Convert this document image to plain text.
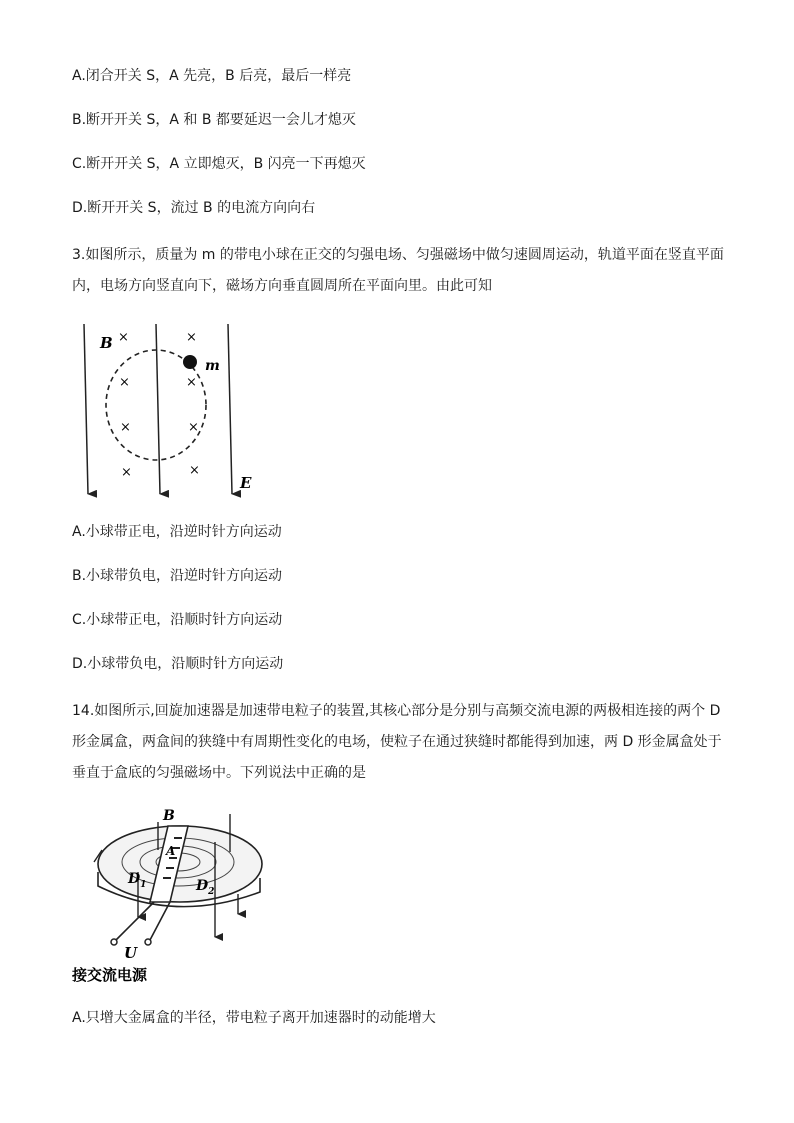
A.闭合开关 S，A 先亮，B 后亮，最后一样亮
B.断开开关 S，A 和 B 都要延迟一会儿才熄灭
C.断开开关 S，A 立即熄灭，B 闪亮一下再熄灭
D.断开开关 S，流过 B 的电流方向向右
3.如图所示，质量为 m 的带电小球在正交的匀强电场、匀强磁场中做匀速圆周运动，轨道平面在竖直平面内，电场方向竖直向下，磁场方向垂直圆周所在平面向里。由此可知
B
m
E
×	×
×	×
×	×
×	×
A.小球带正电，沿逆时针方向运动
B.小球带负电，沿逆时针方向运动
C.小球带正电，沿顺时针方向运动
D.小球带负电，沿顺时针方向运动
14.如图所示,回旋加速器是加速带电粒子的装置,其核心部分是分别与高频交流电源的两极相连接的两个 D 形金属盒，两盒间的狭缝中有周期性变化的电场，使粒子在通过狭缝时都能得到加速，两 D 形金属盒处于垂直于盒底的匀强磁场中。下列说法中正确的是
B
A
$D_1$	$D_2$
U
接交流电源
A.只增大金属盒的半径，带电粒子离开加速器时的动能增大
